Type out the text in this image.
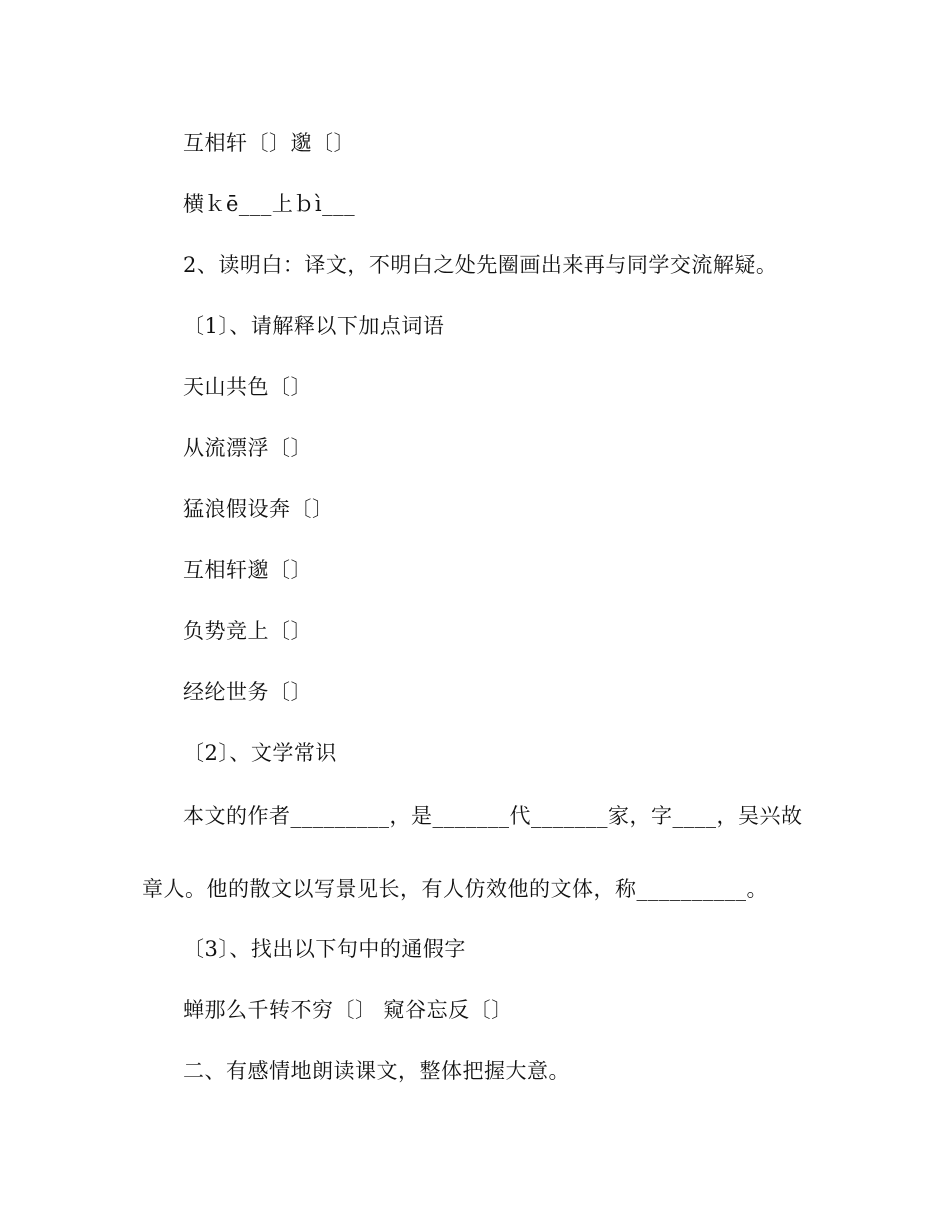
互相轩〔〕邈〔〕
横ｋē___上ｂì___
2、读明白：译文，不明白之处先圈画出来再与同学交流解疑。
〔1〕、请解释以下加点词语
天山共色〔〕
从流漂浮〔〕
猛浪假设奔〔〕
互相轩邈〔〕
负势竞上〔〕
经纶世务〔〕
〔2〕、文学常识
本文的作者_________，是_______代_______家，字____，吴兴故
章人。他的散文以写景见长，有人仿效他的文体，称__________。
〔3〕、找出以下句中的通假字
蝉那么千转不穷〔〕 窥谷忘反〔〕
二、有感情地朗读课文，整体把握大意。
